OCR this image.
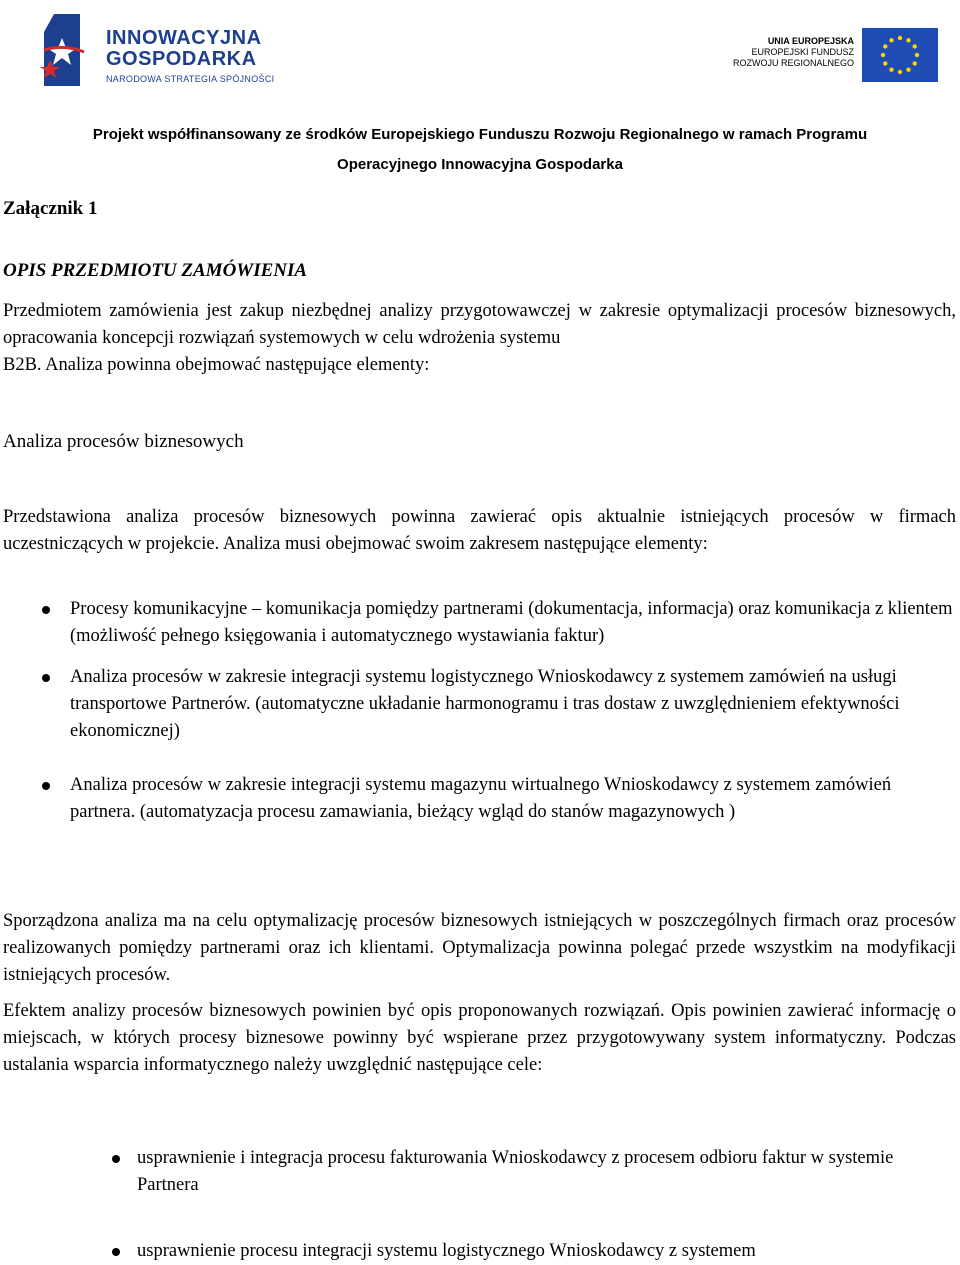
INNOWACYJNA
GOSPODARKA
NARODOWA STRATEGIA SPÓJNOŚCI
UNIA EUROPEJSKA
EUROPEJSKI FUNDUSZ
ROZWOJU REGIONALNEGO
Projekt współfinansowany ze środków Europejskiego Funduszu Rozwoju Regionalnego w ramach Programu
Operacyjnego Innowacyjna Gospodarka
Załącznik 1
OPIS PRZEDMIOTU ZAMÓWIENIA
Przedmiotem zamówienia jest zakup niezbędnej analizy przygotowawczej w zakresie optymalizacji procesów biznesowych, opracowania koncepcji rozwiązań systemowych w celu wdrożenia systemu
B2B. Analiza powinna obejmować następujące elementy:
Analiza procesów biznesowych

Przedstawiona analiza procesów biznesowych powinna zawierać opis aktualnie istniejących procesów w firmach uczestniczących w projekcie. Analiza musi obejmować swoim zakresem następujące elementy:

Procesy komunikacyjne – komunikacja pomiędzy partnerami (dokumentacja, informacja) oraz komunikacja z klientem (możliwość pełnego księgowania i automatycznego wystawiania faktur)
Analiza procesów w zakresie integracji systemu logistycznego Wnioskodawcy z systemem zamówień na usługi transportowe Partnerów. (automatyczne układanie harmonogramu i tras dostaw z uwzględnieniem efektywności ekonomicznej)
Analiza procesów w zakresie integracji systemu magazynu wirtualnego Wnioskodawcy z systemem zamówień partnera. (automatyzacja procesu zamawiania, bieżący wgląd do stanów magazynowych )

Sporządzona analiza ma na celu optymalizację procesów biznesowych istniejących w poszczególnych firmach oraz procesów realizowanych pomiędzy partnerami oraz ich klientami. Optymalizacja powinna polegać przede wszystkim na modyfikacji istniejących procesów.

Efektem analizy procesów biznesowych powinien być opis proponowanych rozwiązań. Opis powinien zawierać informację o miejscach, w których procesy biznesowe powinny być wspierane przez przygotowywany system informatyczny. Podczas ustalania wsparcia informatycznego należy uwzględnić następujące cele:

usprawnienie i integracja procesu fakturowania Wnioskodawcy z procesem odbioru faktur w systemie Partnera
usprawnienie procesu integracji systemu logistycznego Wnioskodawcy z systemem
